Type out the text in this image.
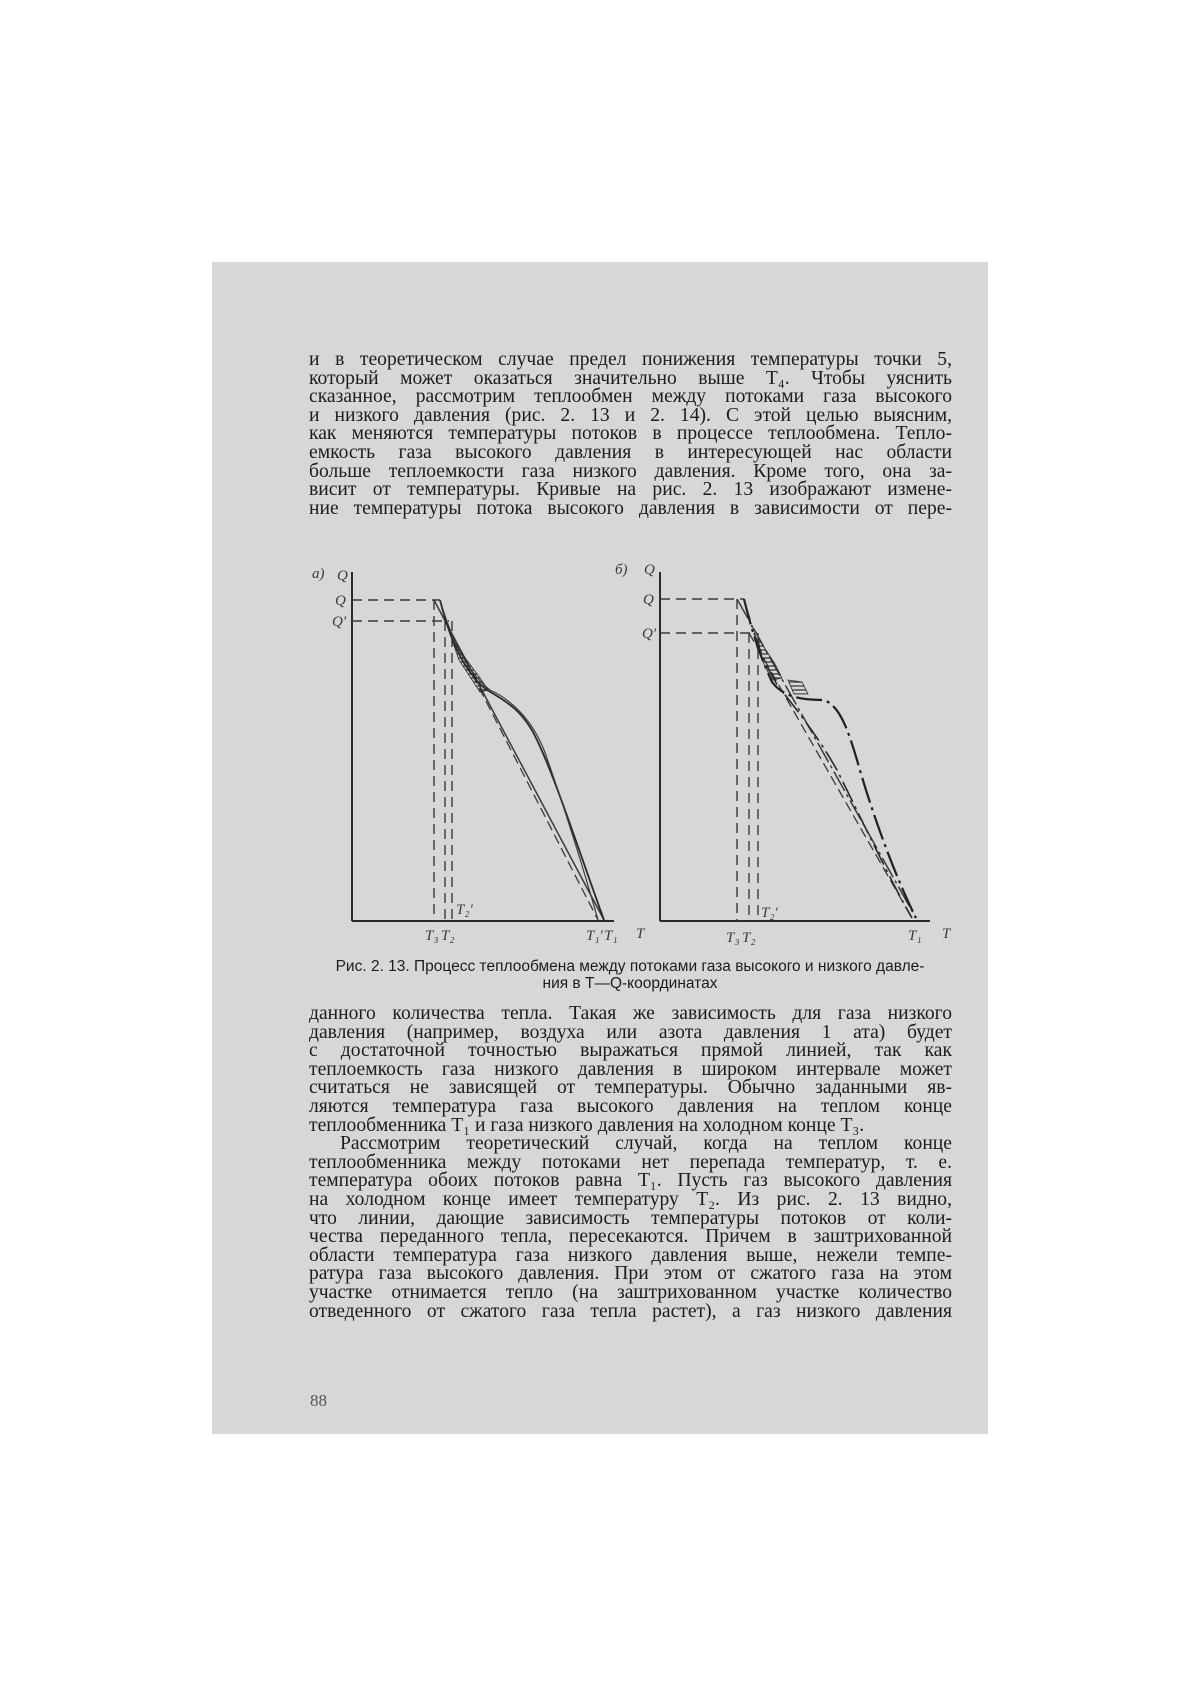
и в теоретическом случае предел понижения температуры точки 5,
который может оказаться значительно выше T₄. Чтобы уяснить
сказанное, рассмотрим теплообмен между потоками газа высокого
и низкого давления (рис. 2. 13 и 2. 14). С этой целью выясним,
как меняются температуры потоков в процессе теплообмена. Тепло-
емкость газа высокого давления в интересующей нас области
больше теплоемкости газа низкого давления. Кроме того, она за-
висит от температуры. Кривые на рис. 2. 13 изображают измене-
ние температуры потока высокого давления в зависимости от пере-
а) Q
Q
Q′
T₃ T₂
T₂′
T₁′ T₁ T
б) Q
Q
Q′
T₃ T₂
T₂′
T₁ T
Рис. 2. 13. Процесс теплообмена между потоками газа высокого и низкого давле-
ния в T—Q-координатах
данного количества тепла. Такая же зависимость для газа низкого
давления (например, воздуха или азота давления 1 ата) будет
с достаточной точностью выражаться прямой линией, так как
теплоемкость газа низкого давления в широком интервале может
считаться не зависящей от температуры. Обычно заданными яв-
ляются температура газа высокого давления на теплом конце
теплообменника T₁ и газа низкого давления на холодном конце T₃.
Рассмотрим теоретический случай, когда на теплом конце
теплообменника между потоками нет перепада температур, т. е.
температура обоих потоков равна T₁. Пусть газ высокого давления
на холодном конце имеет температуру T₂. Из рис. 2. 13 видно,
что линии, дающие зависимость температуры потоков от коли-
чества переданного тепла, пересекаются. Причем в заштрихованной
области температура газа низкого давления выше, нежели темпе-
ратура газа высокого давления. При этом от сжатого газа на этом
участке отнимается тепло (на заштрихованном участке количество
отведенного от сжатого газа тепла растет), а газ низкого давления
88
